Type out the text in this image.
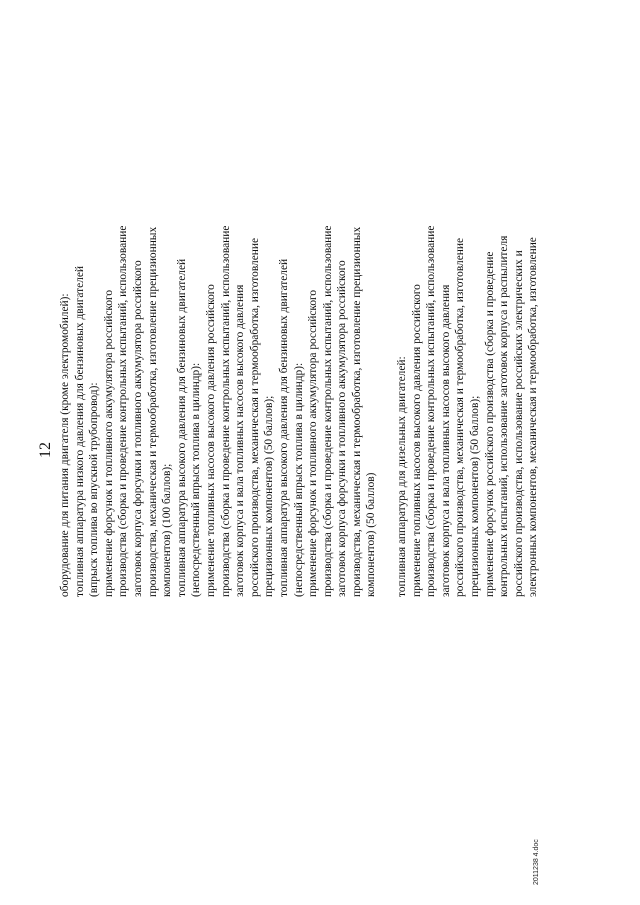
12 оборудование для питания двигателя (кроме электромобилей): топливная аппаратура низкого давления для бензиновых двигателей (впрыск топлива во впускной трубопровод): применение форсунок и топливного аккумулятора российского производства (сборка и проведение контрольных испытаний, использование заготовок корпуса форсунки и топливного аккумулятора российского производства, механическая и термообработка, изготовление прецизионных компонентов) (100 баллов); топливная аппаратура высокого давления для бензиновых двигателей (непосредственный впрыск топлива в цилиндр): применение топливных насосов высокого давления российского производства (сборка и проведение контрольных испытаний, использование заготовок корпуса и вала топливных насосов высокого давления российского производства, механическая и термообработка, изготовление прецизионных компонентов) (50 баллов); топливная аппаратура высокого давления для бензиновых двигателей (непосредственный впрыск топлива в цилиндр): применение форсунок и топливного аккумулятора российского производства (сборка и проведение контрольных испытаний, использование заготовок корпуса форсунки и топливного аккумулятора российского производства, механическая и термообработка, изготовление прецизионных компонентов) (50 баллов) топливная аппаратура для дизельных двигателей: применение топливных насосов высокого давления российского производства (сборка и проведение контрольных испытаний, использование заготовок корпуса и вала топливных насосов высокого давления российского производства, механическая и термообработка, изготовление прецизионных компонентов) (50 баллов); применение форсунок российского производства (сборка и проведение контрольных испытаний, использование заготовок корпуса и распылителя российского производства, использование российских электрических и электронных компонентов, механическая и термообработка, изготовление
2011238 4.doc
